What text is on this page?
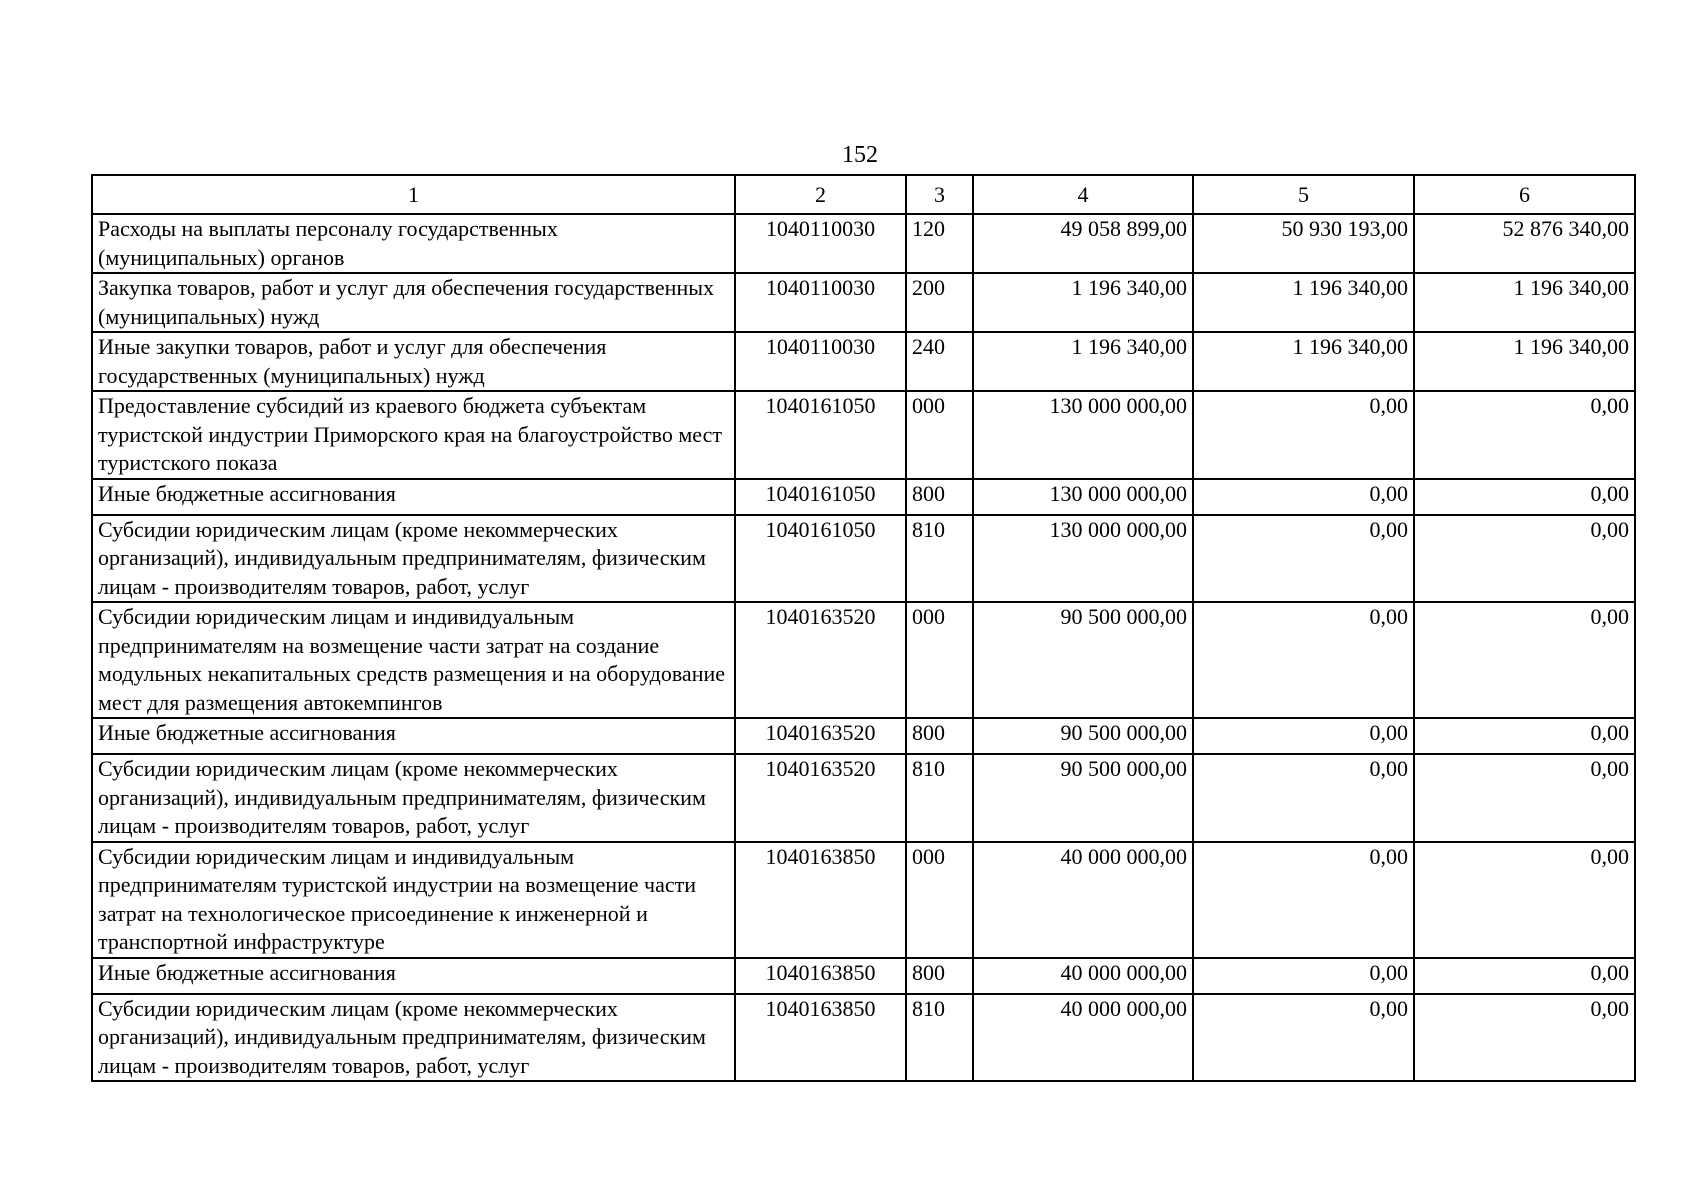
152
1	2	3	4	5	6
Расходы на выплаты персоналу государственных (муниципальных) органов	1040110030	120	49 058 899,00	50 930 193,00	52 876 340,00
Закупка товаров, работ и услуг для обеспечения государственных (муниципальных) нужд	1040110030	200	1 196 340,00	1 196 340,00	1 196 340,00
Иные закупки товаров, работ и услуг для обеспечения государственных (муниципальных) нужд	1040110030	240	1 196 340,00	1 196 340,00	1 196 340,00
Предоставление субсидий из краевого бюджета субъектам туристской индустрии Приморского края на благоустройство мест туристского показа	1040161050	000	130 000 000,00	0,00	0,00
Иные бюджетные ассигнования	1040161050	800	130 000 000,00	0,00	0,00
Субсидии юридическим лицам (кроме некоммерческих организаций), индивидуальным предпринимателям, физическим лицам - производителям товаров, работ, услуг	1040161050	810	130 000 000,00	0,00	0,00
Субсидии юридическим лицам и индивидуальным предпринимателям на возмещение части затрат на создание модульных некапитальных средств размещения и на оборудование мест для размещения автокемпингов	1040163520	000	90 500 000,00	0,00	0,00
Иные бюджетные ассигнования	1040163520	800	90 500 000,00	0,00	0,00
Субсидии юридическим лицам (кроме некоммерческих организаций), индивидуальным предпринимателям, физическим лицам - производителям товаров, работ, услуг	1040163520	810	90 500 000,00	0,00	0,00
Субсидии юридическим лицам и индивидуальным предпринимателям туристской индустрии на возмещение части затрат на технологическое присоединение к инженерной и транспортной инфраструктуре	1040163850	000	40 000 000,00	0,00	0,00
Иные бюджетные ассигнования	1040163850	800	40 000 000,00	0,00	0,00
Субсидии юридическим лицам (кроме некоммерческих организаций), индивидуальным предпринимателям, физическим лицам - производителям товаров, работ, услуг	1040163850	810	40 000 000,00	0,00	0,00
